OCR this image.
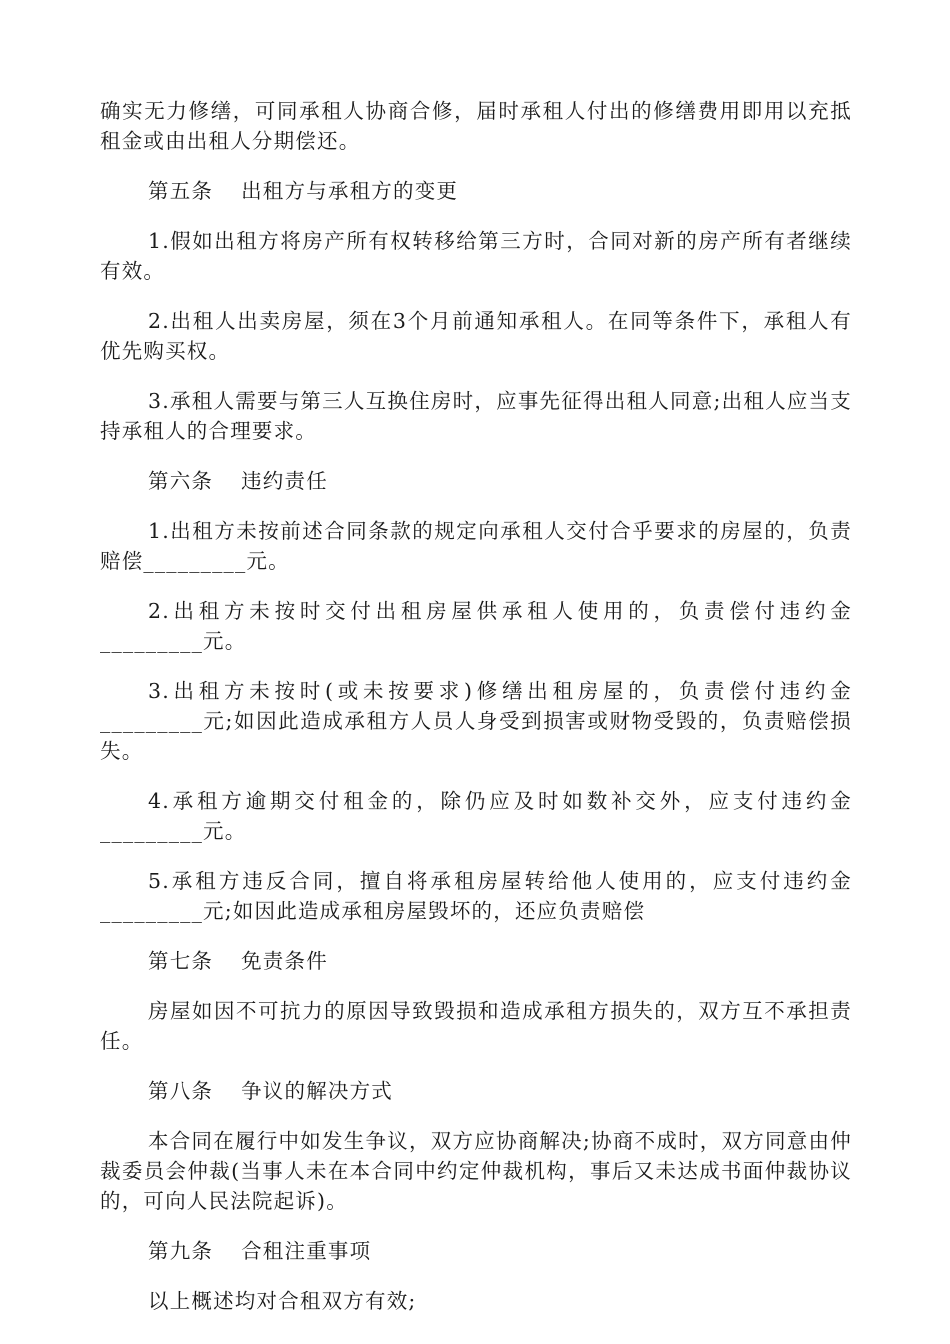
确实无力修缮，可同承租人协商合修，届时承租人付出的修缮费用即用以充抵租金或由出租人分期偿还。

第五条 出租方与承租方的变更

1.假如出租方将房产所有权转移给第三方时，合同对新的房产所有者继续有效。

2.出租人出卖房屋，须在3个月前通知承租人。在同等条件下，承租人有优先购买权。

3.承租人需要与第三人互换住房时，应事先征得出租人同意;出租人应当支持承租人的合理要求。

第六条 违约责任

1.出租方未按前述合同条款的规定向承租人交付合乎要求的房屋的，负责赔偿_________元。

2.出租方未按时交付出租房屋供承租人使用的，负责偿付违约金_________元。

3.出租方未按时(或未按要求)修缮出租房屋的，负责偿付违约金_________元;如因此造成承租方人员人身受到损害或财物受毁的，负责赔偿损失。

4.承租方逾期交付租金的，除仍应及时如数补交外，应支付违约金_________元。

5.承租方违反合同，擅自将承租房屋转给他人使用的，应支付违约金_________元;如因此造成承租房屋毁坏的，还应负责赔偿

第七条 免责条件

房屋如因不可抗力的原因导致毁损和造成承租方损失的，双方互不承担责任。

第八条 争议的解决方式

本合同在履行中如发生争议，双方应协商解决;协商不成时，双方同意由仲裁委员会仲裁(当事人未在本合同中约定仲裁机构，事后又未达成书面仲裁协议的，可向人民法院起诉)。

第九条 合租注重事项

以上概述均对合租双方有效;
